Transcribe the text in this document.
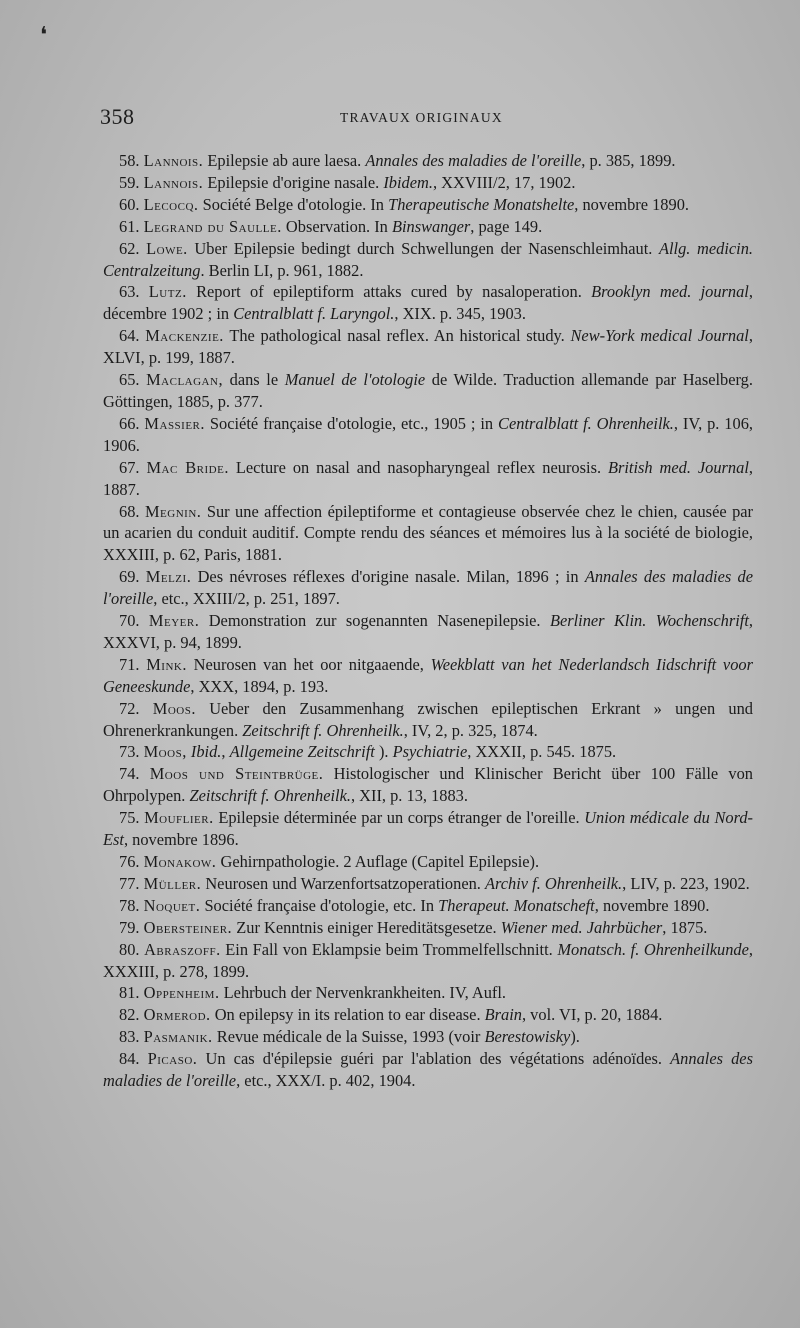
❛
358	TRAVAUX ORIGINAUX

58. Lannois. Epilepsie ab aure laesa. Annales des maladies de l'oreille, p. 385, 1899.

59. Lannois. Epilepsie d'origine nasale. Ibidem., XXVIII/2, 17, 1902.

60. Lecocq. Société Belge d'otologie. In Therapeutische Monatshelte, novembre 1890.

61. Legrand du Saulle. Observation. In Binswanger, page 149.

62. Lowe. Uber Epilepsie bedingt durch Schwellungen der Nasenschleimhaut. Allg. medicin. Centralzeitung. Berlin LI, p. 961, 1882.

63. Lutz. Report of epileptiform attaks cured by nasaloperation. Brooklyn med. journal, décembre 1902 ; in Centralblatt f. Laryngol., XIX. p. 345, 1903.

64. Mackenzie. The pathological nasal reflex. An historical study. New-York medical Journal, XLVI, p. 199, 1887.

65. Maclagan, dans le Manuel de l'otologie de Wilde. Traduction allemande par Haselberg. Göttingen, 1885, p. 377.

66. Massier. Société française d'otologie, etc., 1905 ; in Centralblatt f. Ohrenheilk., IV, p. 106, 1906.

67. Mac Bride. Lecture on nasal and nasopharyngeal reflex neurosis. British med. Journal, 1887.

68. Megnin. Sur une affection épileptiforme et contagieuse observée chez le chien, causée par un acarien du conduit auditif. Compte rendu des séances et mémoires lus à la société de biologie, XXXIII, p. 62, Paris, 1881.

69. Melzi. Des névroses réflexes d'origine nasale. Milan, 1896 ; in Annales des maladies de l'oreille, etc., XXIII/2, p. 251, 1897.

70. Meyer. Demonstration zur sogenannten Nasenepilepsie. Berliner Klin. Wochenschrift, XXXVI, p. 94, 1899.

71. Mink. Neurosen van het oor nitgaaende, Weekblatt van het Nederlandsch Iidschrift voor Geneeskunde, XXX, 1894, p. 193.

72. Moos. Ueber den Zusammenhang zwischen epileptischen Erkrant » ungen und Ohrenerkrankungen. Zeitschrift f. Ohrenheilk., IV, 2, p. 325, 1874.

73. Moos, Ibid., Allgemeine Zeitschrift ). Psychiatrie, XXXII, p. 545. 1875.

74. Moos und Steintbrüge. Histologischer und Klinischer Bericht über 100 Fälle von Ohrpolypen. Zeitschrift f. Ohrenheilk., XII, p. 13, 1883.

75. Mouflier. Epilepsie déterminée par un corps étranger de l'oreille. Union médicale du Nord-Est, novembre 1896.

76. Monakow. Gehirnpathologie. 2 Auflage (Capitel Epilepsie).

77. Müller. Neurosen und Warzenfortsatzoperationen. Archiv f. Ohrenheilk., LIV, p. 223, 1902.

78. Noquet. Société française d'otologie, etc. In Therapeut. Monatscheft, novembre 1890.

79. Obersteiner. Zur Kenntnis einiger Hereditätsgesetze. Wiener med. Jahrbücher, 1875.

80. Abraszoff. Ein Fall von Eklampsie beim Trommelfellschnitt. Monatsch. f. Ohrenheilkunde, XXXIII, p. 278, 1899.

81. Oppenheim. Lehrbuch der Nervenkrankheiten. IV, Aufl.

82. Ormerod. On epilepsy in its relation to ear disease. Brain, vol. VI, p. 20, 1884.

83. Pasmanik. Revue médicale de la Suisse, 1993 (voir Berestowisky).

84. Picaso. Un cas d'épilepsie guéri par l'ablation des végétations adénoïdes. Annales des maladies de l'oreille, etc., XXX/I. p. 402, 1904.
